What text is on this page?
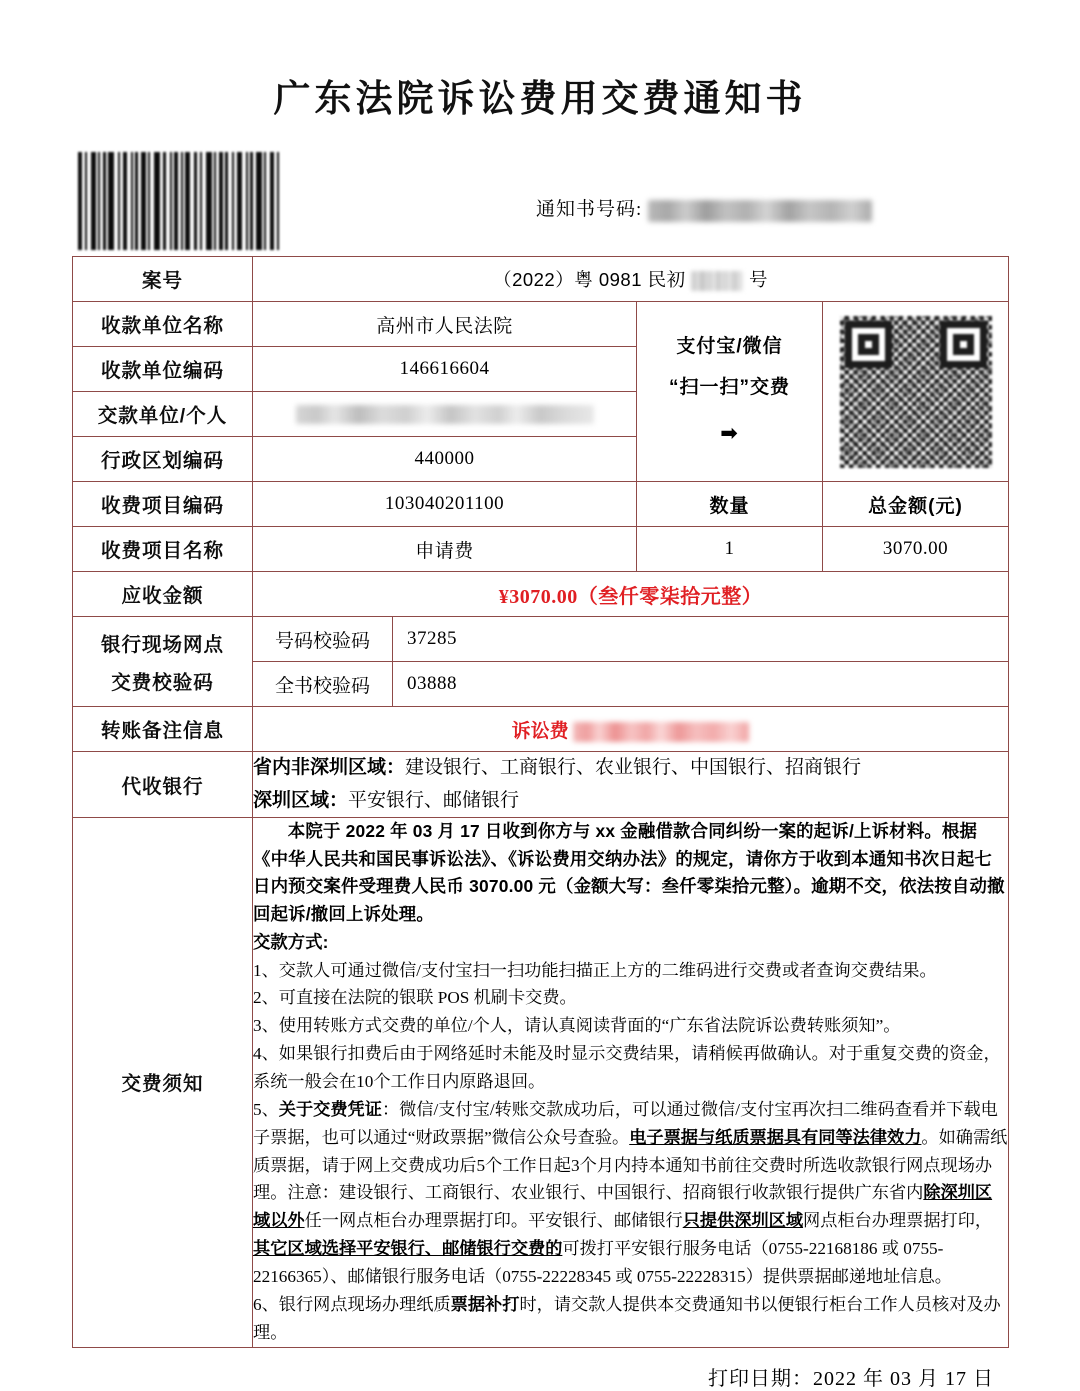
广东法院诉讼费用交费通知书
通知书号码:
案号	（2022）粤 0981 民初 号			
收款单位名称	高州市人民法院		支付宝/微信
“扫一扫”交费
➡	

收款单位编码	146616604			
交款单位/个人				
行政区划编码	440000			
收费项目编码	103040201100		数量	总金额(元)
收费项目名称	申请费		1	3070.00
应收金额	¥3070.00（叁仟零柒拾元整）			

银行现场网点
交费校验码	号码校验码	37285		
	全书校验码	03888		
转账备注信息	诉讼费			
代收银行	省内非深圳区域：建设银行、工商银行、农业银行、中国银行、招商银行
深圳区域：平安银行、邮储银行			

交费须知	

本院于 2022 年 03 月 17 日收到你方与 xx 金融借款合同纠纷一案的起诉/上诉材料。根据《中华人民共和国民事诉讼法》、《诉讼费用交纳办法》的规定，请你方于收到本通知书次日起七日内预交案件受理费人民币 3070.00 元（金额大写：叁仟零柒拾元整）。逾期不交，依法按自动撤回起诉/撤回上诉处理。

交款方式:

1、交款人可通过微信/支付宝扫一扫功能扫描正上方的二维码进行交费或者查询交费结果。

2、可直接在法院的银联 POS 机刷卡交费。

3、使用转账方式交费的单位/个人，请认真阅读背面的“广东省法院诉讼费转账须知”。

4、如果银行扣费后由于网络延时未能及时显示交费结果，请稍候再做确认。对于重复交费的资金，系统一般会在10个工作日内原路退回。

5、关于交费凭证：微信/支付宝/转账交款成功后，可以通过微信/支付宝再次扫二维码查看并下载电子票据，也可以通过“财政票据”微信公众号查验。电子票据与纸质票据具有同等法律效力。如确需纸质票据，请于网上交费成功后5个工作日起3个月内持本通知书前往交费时所选收款银行网点现场办理。注意：建设银行、工商银行、农业银行、中国银行、招商银行收款银行提供广东省内除深圳区域以外任一网点柜台办理票据打印。平安银行、邮储银行只提供深圳区域网点柜台办理票据打印，其它区域选择平安银行、邮储银行交费的可拨打平安银行服务电话（0755-22168186 或 0755-22166365）、邮储银行服务电话（0755-22228345 或 0755-22228315）提供票据邮递地址信息。

6、银行网点现场办理纸质票据补打时，请交款人提供本交费通知书以便银行柜台工作人员核对及办理。

打印日期：2022 年 03 月 17 日
